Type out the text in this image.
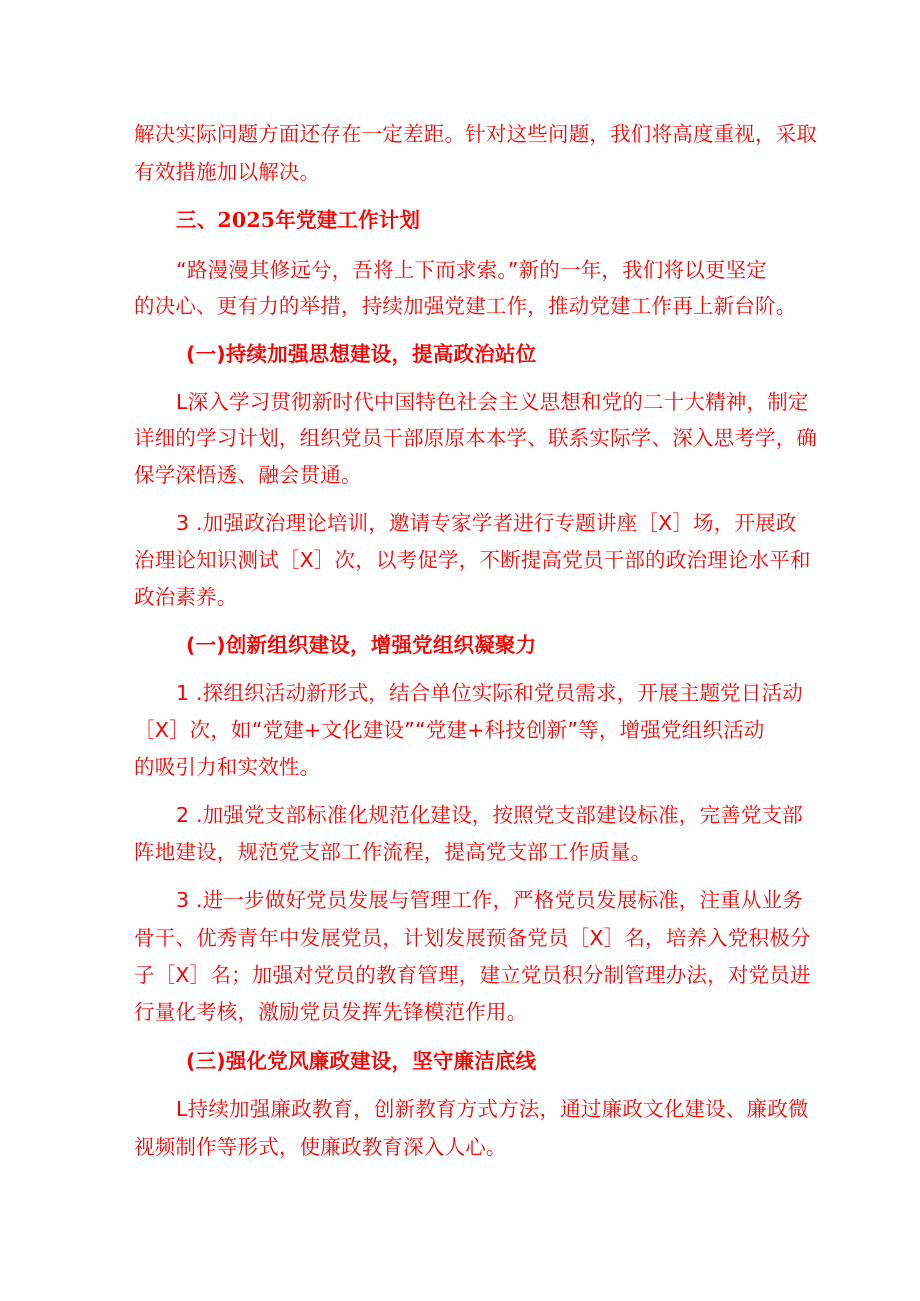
解决实际问题方面还存在一定差距。针对这些问题，我们将高度重视，采取
有效措施加以解决。
三、2025年党建工作计划
“路漫漫其修远兮，吾将上下而求索。”新的一年，我们将以更坚定
的决心、更有力的举措，持续加强党建工作，推动党建工作再上新台阶。
(一)持续加强思想建设，提高政治站位
L深入学习贯彻新时代中国特色社会主义思想和党的二十大精神，制定
详细的学习计划，组织党员干部原原本本学、联系实际学、深入思考学，确
保学深悟透、融会贯通。
3 .加强政治理论培训，邀请专家学者进行专题讲座［X］场，开展政
治理论知识测试［X］次，以考促学，不断提高党员干部的政治理论水平和
政治素养。
(一)创新组织建设，增强党组织凝聚力
1 .探组织活动新形式，结合单位实际和党员需求，开展主题党日活动
［X］次，如“党建+文化建设”“党建+科技创新”等，增强党组织活动
的吸引力和实效性。
2 .加强党支部标准化规范化建设，按照党支部建设标准，完善党支部
阵地建设，规范党支部工作流程，提高党支部工作质量。
3 .进一步做好党员发展与管理工作，严格党员发展标准，注重从业务
骨干、优秀青年中发展党员，计划发展预备党员［X］名，培养入党积极分
子［X］名；加强对党员的教育管理，建立党员积分制管理办法，对党员进
行量化考核，激励党员发挥先锋模范作用。
(三)强化党风廉政建设，坚守廉洁底线
L持续加强廉政教育，创新教育方式方法，通过廉政文化建设、廉政微
视频制作等形式，使廉政教育深入人心。
